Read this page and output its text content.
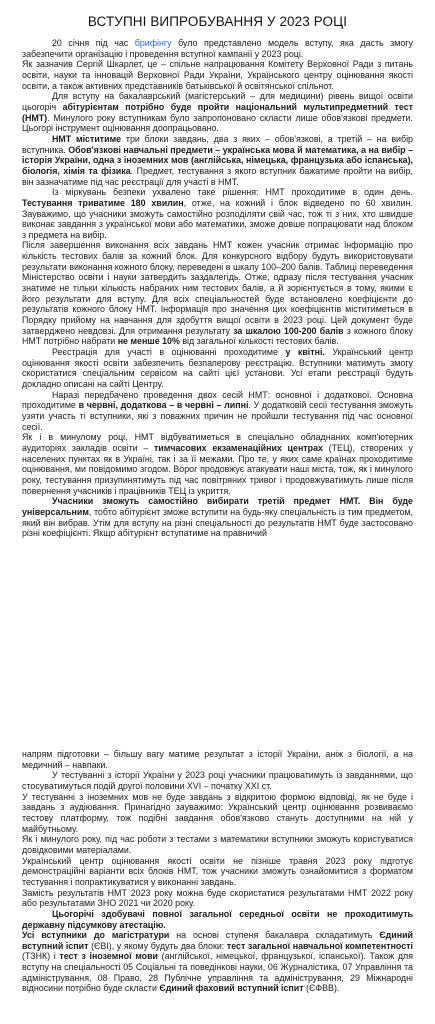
ВСТУПНІ ВИПРОБУВАННЯ У 2023 РОЦІ

20 січня під час брифінгу було представлено модель вступу, яка дасть змогу забезпечити організацію і проведення вступної кампанії у 2023 році.

Як зазначив Сергій Шкарлет, це – спільне напрацювання Комітету Верховної Ради з питань освіти, науки та інновацій Верховної Ради України, Українського центру оцінювання якості освіти, а також активних представників батьківської й освітянської спільнот.

Для вступу на бакалаврський (магістерський – для медицини) рівень вищої освіти цьогоріч абітурієнтам потрібно буде пройти національний мультипредметний тест (НМТ). Минулого року вступникам було запропоновано скласти лише обов'язкові предмети. Цьогорі інструмент оцінювання доопрацьовано.

НМТ міститиме три блоки завдань, два з яких – обов'язкові, а третій – на вибір вступника. Обов'язкові навчальні предмети – українська мова й математика, а на вибір – історія України, одна з іноземних мов (англійська, німецька, французька або іспанська), біологія, хімія та фізика. Предмет, тестування з якого вступник бажатиме пройти на вибір, він зазначатиме під час реєстрації для участі в НМТ.

Із міркувань безпеки ухвалено таке рішення: НМТ проходитиме в один день. Тестування триватиме 180 хвилин, отже, на кожний і блок відведено по 60 хвилин. Зауважимо, що учасники зможуть самостійно розподіляти свій час, тож ті з них, хто швидше виконає завдання з української мови або математики, зможе довше попрацювати над блоком з предмета на вибір.

Після завершення виконання всіх завдань НМТ кожен учасник отримає інформацію про кількість тестових балів за кожний блок. Для конкурсного відбору будуть використовувати результати виконання кожного блоку, переведені в шкалу 100–200 балів. Таблиці переведення Міністерство освіти і науки затвердить заздалегідь. Отже, одразу після тестування учасник знатиме не тільки кількість набраних ним тестових балів, а й зорієнтується в тому, якими є його результати для вступу. Для всіх спеціальностей буде встановлено коефіцієнти до результатів кожного блоку НМТ. Інформація про значення цих коефіцієнтів міститиметься в Порядку прийому на навчання для здобуття вищої освіти в 2023 році. Цей документ буде затверджено невдовзі. Для отримання результату за шкалою 100-200 балів з кожного блоку НМТ потрібно набрати не менше 10% від загальної кількості тестових балів.

Реєстрація для участі в оцінюванні проходитиме у квітні. Український центр оцінювання якості освіти забезпечить безпаперову реєстрацію. Вступники матимуть змогу скористатися спеціальним сервісом на сайті цієї установи. Усі етапи реєстрації будуть докладно описані на сайті Центру.

Наразі передбачено проведення двох сесій НМТ: основної і додаткової. Основна проходитиме в червні, додаткова – в червні – липні. У додатковій сесії тестування зможуть узяти участь ті вступники, які з поважних причин не пройшли тестування під час основної сесії.

Як і в минулому році, НМТ відбуватиметься в спеціально обладнаних комп'ютерних аудиторіях закладів освіти – тимчасових екзаменаційних центрах (ТЕЦ), створених у населених пунктах як в Україні, так і за її межами. Про те, у яких саме країнах проходитиме оцінювання, ми повідомимо згодом. Ворог продовжує атакувати наші міста, тож, як і минулого року, тестування призупинятимуть під час повітряних тривог і продовжуватимуть лише після повернення учасників і працівників ТЕЦ із укриття.

Учасники зможуть самостійно вибирати третій предмет НМТ. Він буде універсальним, тобто абітурієнт зможе вступити на будь-яку спеціальність із тим предметом, який він вибрав. Утім для вступу на різні спеціальності до результатів НМТ буде застосовано різні коефіцієнті. Якщо абітурієнт вступатиме на правничий

напрям підготовки – більшу вагу матиме результат з історії України, аніж з біології, а на медичний – навпаки.

У тестуванні з історії України у 2023 році учасники працюватимуть із завданнями, що стосуватимуться подій другої половини XVI – початку XXI ст.

У тестуванні з іноземних мов не буде завдань з відкритою формою відповіді, як не буде і завдань з аудіювання. Принагідно зауважимо: Український центр оцінювання розвиваємо тестову платформу, тож подібні завдання обов'язково стануть доступними на ній у майбутньому.

Як і минулого року, під час роботи з тестами з математики вступники зможуть користуватися довідковими матеріалами.

Український центр оцінювання якості освіти не пізніше травня 2023 року підготує демонстраційні варіанти всіх блоків НМТ, тож учасники зможуть ознайомитися з форматом тестування і попрактикуватися у виконанні завдань.

Замість результатів НМТ 2023 року можна буде скористатися результатами НМТ 2022 року або результатами ЗНО 2021 чи 2020 року.

Цьогорічі здобувачі повної загальної середньої освіти не проходитимуть державну підсумкову атестацію.

Усі вступники до магістратури на основі ступеня бакалавра складатимуть Єдиний вступний іспит (ЄВІ), у якому будуть два блоки: тест загальної навчальної компетентності (ТЗНК) і тест з іноземної мови (англійської, німецької, французької, іспанської). Також для вступу на спеціальності 05 Соціальні та поведінкові науки, 06 Журналістика, 07 Управління та адміністрування, 08 Право, 28 Публічне управління та адміністрування, 29 Міжнародні відносини потрібно буде скласти Єдиний фаховий вступний іспит (ЄФВВ).
